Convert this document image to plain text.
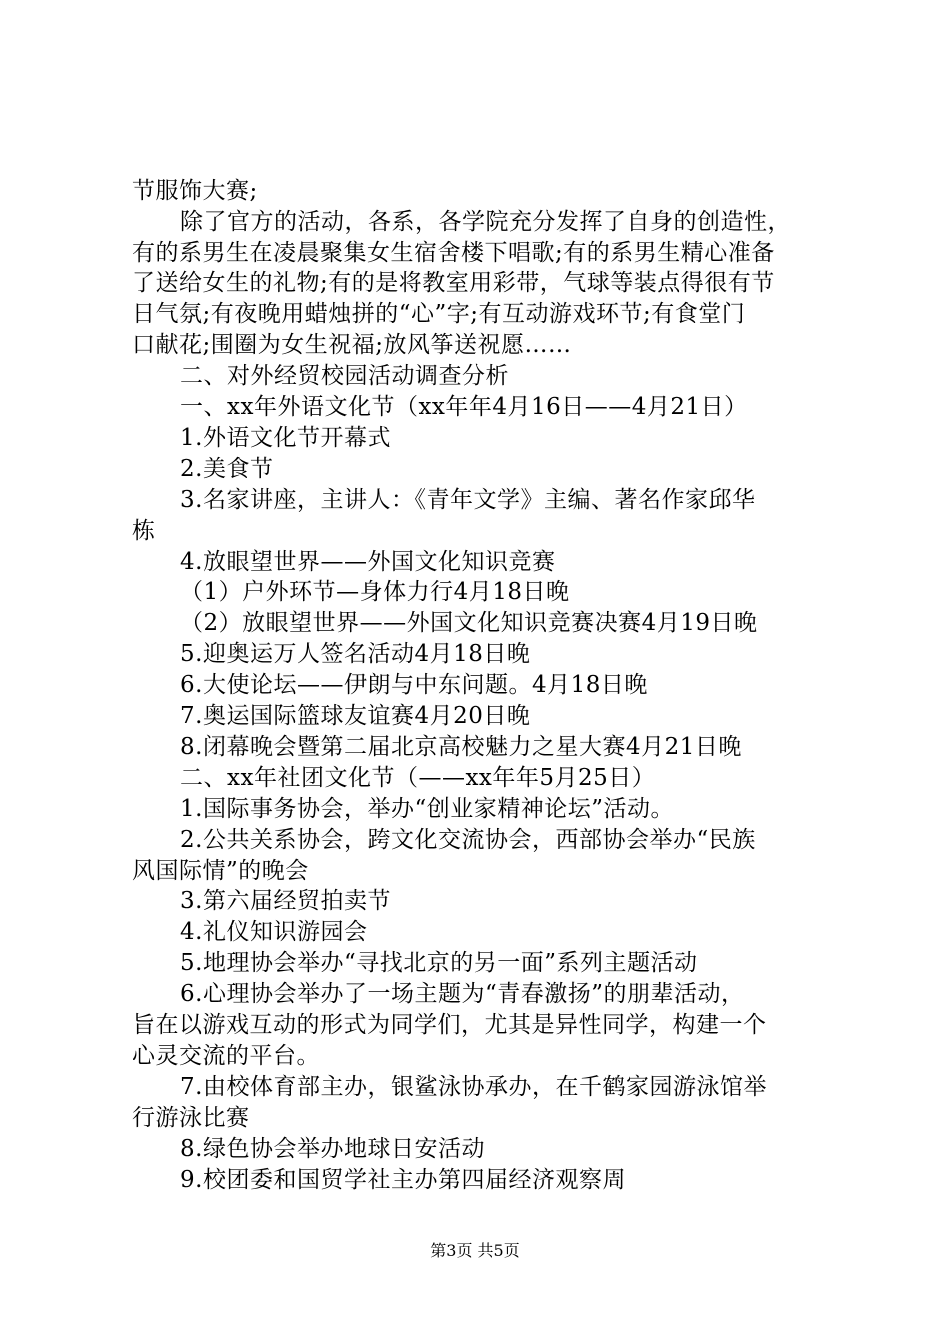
节服饰大赛;
除了官方的活动，各系，各学院充分发挥了自身的创造性，
有的系男生在凌晨聚集女生宿舍楼下唱歌;有的系男生精心准备
了送给女生的礼物;有的是将教室用彩带，气球等装点得很有节
日气氛;有夜晚用蜡烛拼的“心”字;有互动游戏环节;有食堂门
口献花;围圈为女生祝福;放风筝送祝愿……
二、对外经贸校园活动调查分析
一、xx年外语文化节（xx年年4月16日——4月21日）
1.外语文化节开幕式
2.美食节
3.名家讲座，主讲人：《青年文学》主编、著名作家邱华
栋
4.放眼望世界——外国文化知识竞赛
（1）户外环节—身体力行4月18日晚
（2）放眼望世界——外国文化知识竞赛决赛4月19日晚
5.迎奥运万人签名活动4月18日晚
6.大使论坛——伊朗与中东问题。4月18日晚
7.奥运国际篮球友谊赛4月20日晚
8.闭幕晚会暨第二届北京高校魅力之星大赛4月21日晚
二、xx年社团文化节（——xx年年5月25日）
1.国际事务协会，举办“创业家精神论坛”活动。
2.公共关系协会，跨文化交流协会，西部协会举办“民族
风国际情”的晚会
3.第六届经贸拍卖节
4.礼仪知识游园会
5.地理协会举办“寻找北京的另一面”系列主题活动
6.心理协会举办了一场主题为“青春激扬”的朋辈活动，
旨在以游戏互动的形式为同学们，尤其是异性同学，构建一个
心灵交流的平台。
7.由校体育部主办，银鲨泳协承办，在千鹤家园游泳馆举
行游泳比赛
8.绿色协会举办地球日安活动
9.校团委和国贸学社主办第四届经济观察周
第3页 共5页
